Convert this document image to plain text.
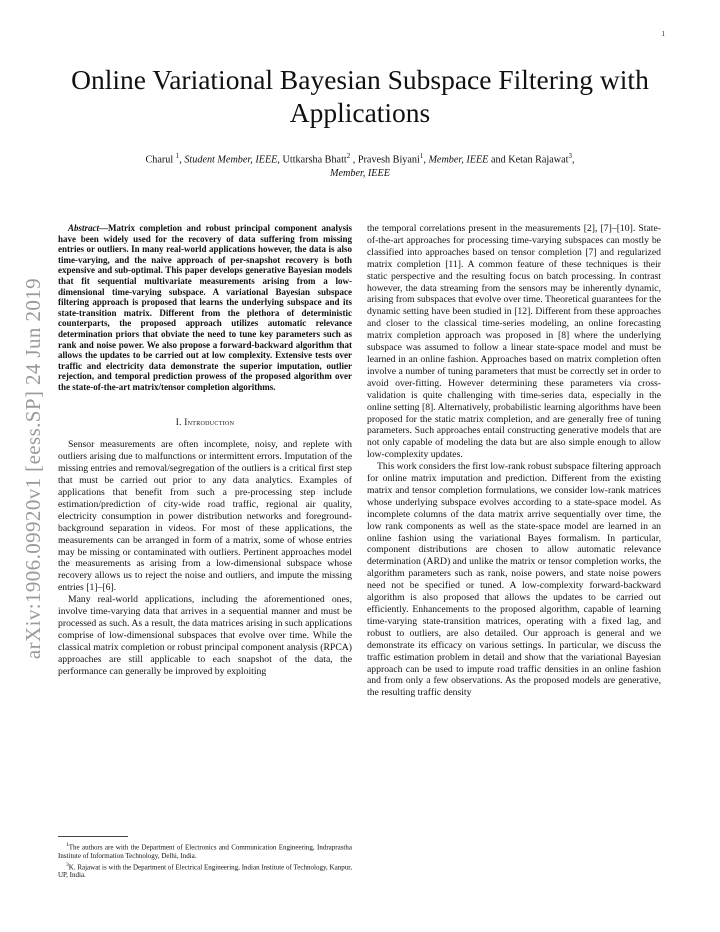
1
arXiv:1906.09920v1 [eess.SP] 24 Jun 2019
Online Variational Bayesian Subspace Filtering with Applications
Charul $^1$, Student Member, IEEE, Uttkarsha Bhatt$^2$ , Pravesh Biyani$^1$, Member, IEEE and Ketan Rajawat$^3$,
Member, IEEE

Abstract—Matrix completion and robust principal component analysis have been widely used for the recovery of data suffering from missing entries or outliers. In many real-world applications however, the data is also time-varying, and the naive approach of per-snapshot recovery is both expensive and sub-optimal. This paper develops generative Bayesian models that fit sequential multivariate measurements arising from a low-dimensional time-varying subspace. A variational Bayesian subspace filtering approach is proposed that learns the underlying subspace and its state-transition matrix. Different from the plethora of deterministic counterparts, the proposed approach utilizes automatic relevance determination priors that obviate the need to tune key parameters such as rank and noise power. We also propose a forward-backward algorithm that allows the updates to be carried out at low complexity. Extensive tests over traffic and electricity data demonstrate the superior imputation, outlier rejection, and temporal prediction prowess of the proposed algorithm over the state-of-the-art matrix/tensor completion algorithms.

I. Introduction

Sensor measurements are often incomplete, noisy, and replete with outliers arising due to malfunctions or intermittent errors. Imputation of the missing entries and removal/segregation of the outliers is a critical first step that must be carried out prior to any data analytics. Examples of applications that benefit from such a pre-processing step include estimation/prediction of city-wide road traffic, regional air quality, electricity consumption in power distribution networks and foreground-background separation in videos. For most of these applications, the measurements can be arranged in form of a matrix, some of whose entries may be missing or contaminated with outliers. Pertinent approaches model the measurements as arising from a low-dimensional subspace whose recovery allows us to reject the noise and outliers, and impute the missing entries [1]–[6].

Many real-world applications, including the aforementioned ones, involve time-varying data that arrives in a sequential manner and must be processed as such. As a result, the data matrices arising in such applications comprise of low-dimensional subspaces that evolve over time. While the classical matrix completion or robust principal component analysis (RPCA) approaches are still applicable to each snapshot of the data, the performance can generally be improved by exploiting

the temporal correlations present in the measurements [2], [7]–[10]. State-of-the-art approaches for processing time-varying subspaces can mostly be classified into approaches based on tensor completion [7] and regularized matrix completion [11]. A common feature of these techniques is their static perspective and the resulting focus on batch processing. In contrast however, the data streaming from the sensors may be inherently dynamic, arising from subspaces that evolve over time. Theoretical guarantees for the dynamic setting have been studied in [12]. Different from these approaches and closer to the classical time-series modeling, an online forecasting matrix completion approach was proposed in [8] where the underlying subspace was assumed to follow a linear state-space model and must be learned in an online fashion. Approaches based on matrix completion often involve a number of tuning parameters that must be correctly set in order to avoid over-fitting. However determining these parameters via cross-validation is quite challenging with time-series data, especially in the online setting [8]. Alternatively, probabilistic learning algorithms have been proposed for the static matrix completion, and are generally free of tuning parameters. Such approaches entail constructing generative models that are not only capable of modeling the data but are also simple enough to allow low-complexity updates.

This work considers the first low-rank robust subspace filtering approach for online matrix imputation and prediction. Different from the existing matrix and tensor completion formulations, we consider low-rank matrices whose underlying subspace evolves according to a state-space model. As incomplete columns of the data matrix arrive sequentially over time, the low rank components as well as the state-space model are learned in an online fashion using the variational Bayes formalism. In particular, component distributions are chosen to allow automatic relevance determination (ARD) and unlike the matrix or tensor completion works, the algorithm parameters such as rank, noise powers, and state noise powers need not be specified or tuned. A low-complexity forward-backward algorithm is also proposed that allows the updates to be carried out efficiently. Enhancements to the proposed algorithm, capable of learning time-varying state-transition matrices, operating with a fixed lag, and robust to outliers, are also detailed. Our approach is general and we demonstrate its efficacy on various settings. In particular, we discuss the traffic estimation problem in detail and show that the variational Bayesian approach can be used to impute road traffic densities in an online fashion and from only a few observations. As the proposed models are generative, the resulting traffic density

$^1$The authors are with the Department of Electronics and Communication Engineering, Indraprastha Institute of Information Technology, Delhi, India.

$^3$K. Rajawat is with the Department of Electrical Engineering, Indian Institute of Technology, Kanpur, UP, India.
